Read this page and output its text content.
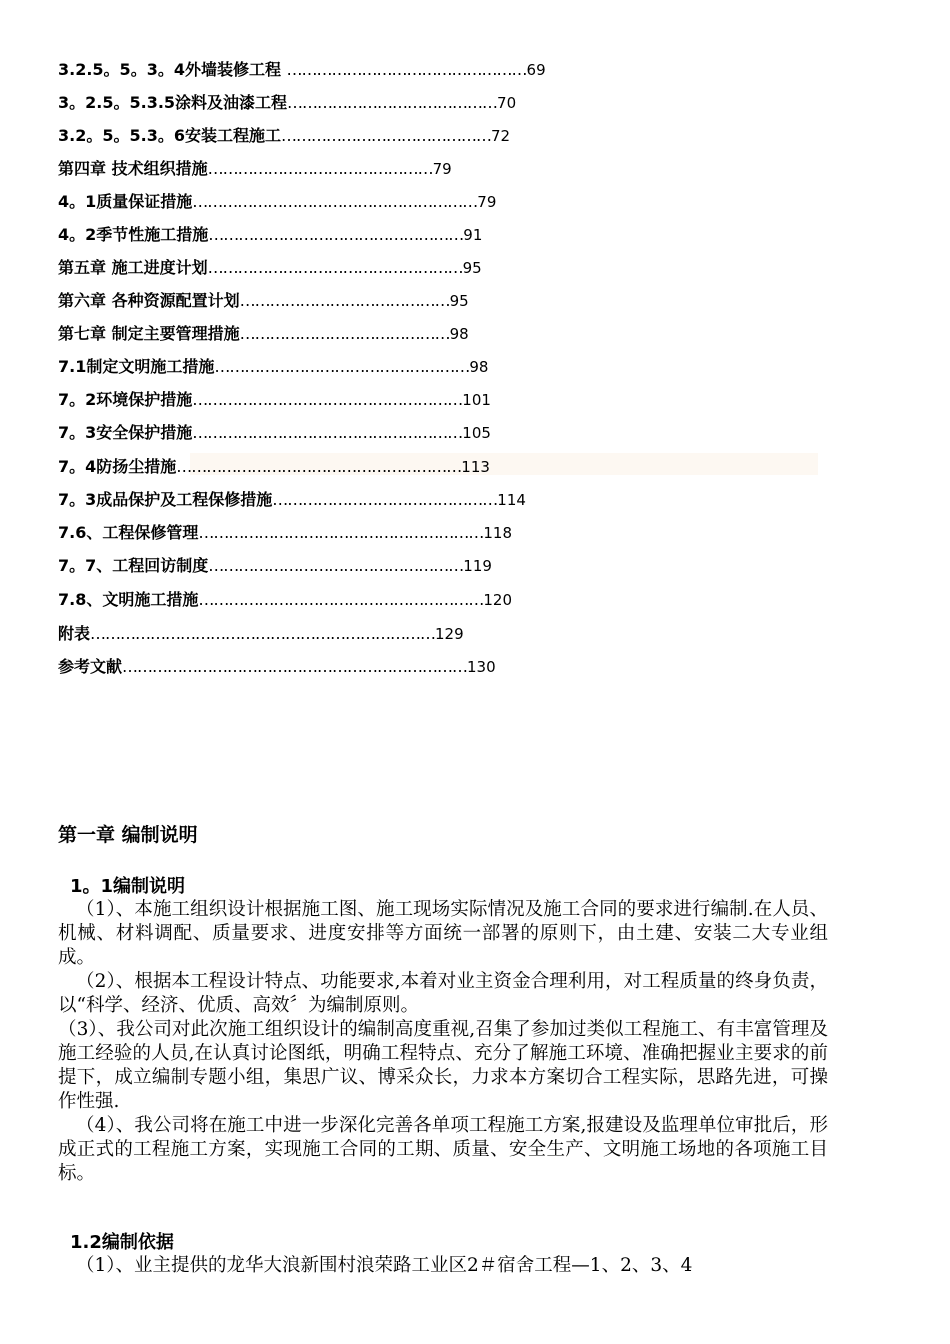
3.2.5。5。3。4外墙装修工程 …………………………………………69
3。2.5。5.3.5涂料及油漆工程……………………………………70
3.2。5。5.3。6安装工程施工……………………………………72
第四章 技术组织措施………………………………………79
4。1质量保证措施…………………………………………………79
4。2季节性施工措施……………………………………………91
第五章 施工进度计划……………………………………………95
第六章 各种资源配置计划……………………………………95
第七章 制定主要管理措施……………………………………98
7.1制定文明施工措施……………………………………………98
7。2环境保护措施………………………………………………101
7。3安全保护措施………………………………………………105
7。4防扬尘措施…………………………………………………113
7。3成品保护及工程保修措施………………………………………114
7.6、工程保修管理…………………………………………………118
7。7、工程回访制度……………………………………………119
7.8、文明施工措施…………………………………………………120
附表……………………………………………………………129
参考文献……………………………………………………………130
第一章 编制说明
1。1编制说明
（1）、本施工组织设计根据施工图、施工现场实际情况及施工合同的要求进行编制.在人员、机械、材料调配、质量要求、进度安排等方面统一部署的原则下，由土建、安装二大专业组成。
（2）、根据本工程设计特点、功能要求,本着对业主资金合理利用，对工程质量的终身负责，以“科学、经济、优质、高效〞为编制原则。
（3）、我公司对此次施工组织设计的编制高度重视,召集了参加过类似工程施工、有丰富管理及施工经验的人员,在认真讨论图纸，明确工程特点、充分了解施工环境、准确把握业主要求的前提下，成立编制专题小组，集思广议、博采众长，力求本方案切合工程实际，思路先进，可操作性强.
（4）、我公司将在施工中进一步深化完善各单项工程施工方案,报建设及监理单位审批后，形成正式的工程施工方案，实现施工合同的工期、质量、安全生产、文明施工场地的各项施工目标。
1.2编制依据
（1）、业主提供的龙华大浪新围村浪荣路工业区2＃宿舍工程—1、2、3、4
